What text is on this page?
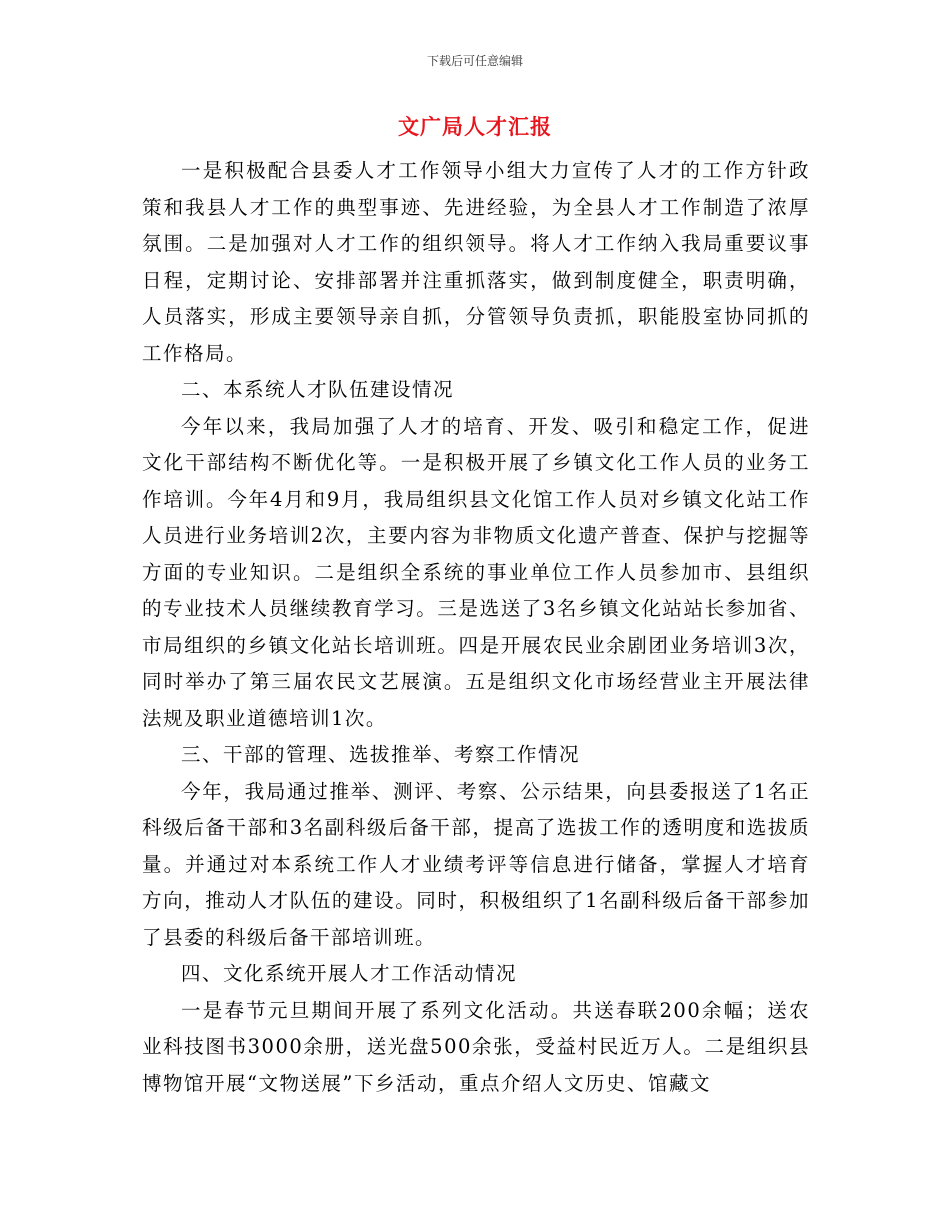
下载后可任意编辑
文广局人才汇报

一是积极配合县委人才工作领导小组大力宣传了人才的工作方针政策和我县人才工作的典型事迹、先进经验，为全县人才工作制造了浓厚氛围。二是加强对人才工作的组织领导。将人才工作纳入我局重要议事日程，定期讨论、安排部署并注重抓落实，做到制度健全，职责明确，人员落实，形成主要领导亲自抓，分管领导负责抓，职能股室协同抓的工作格局。

二、本系统人才队伍建设情况

今年以来，我局加强了人才的培育、开发、吸引和稳定工作，促进文化干部结构不断优化等。一是积极开展了乡镇文化工作人员的业务工作培训。今年4月和9月，我局组织县文化馆工作人员对乡镇文化站工作人员进行业务培训2次，主要内容为非物质文化遗产普查、保护与挖掘等方面的专业知识。二是组织全系统的事业单位工作人员参加市、县组织的专业技术人员继续教育学习。三是选送了3名乡镇文化站站长参加省、市局组织的乡镇文化站长培训班。四是开展农民业余剧团业务培训3次，同时举办了第三届农民文艺展演。五是组织文化市场经营业主开展法律法规及职业道德培训1次。

三、干部的管理、选拔推举、考察工作情况

今年，我局通过推举、测评、考察、公示结果，向县委报送了1名正科级后备干部和3名副科级后备干部，提高了选拔工作的透明度和选拔质量。并通过对本系统工作人才业绩考评等信息进行储备，掌握人才培育方向，推动人才队伍的建设。同时，积极组织了1名副科级后备干部参加了县委的科级后备干部培训班。

四、文化系统开展人才工作活动情况

一是春节元旦期间开展了系列文化活动。共送春联200余幅；送农业科技图书3000余册，送光盘500余张，受益村民近万人。二是组织县博物馆开展“文物送展”下乡活动，重点介绍人文历史、馆藏文
